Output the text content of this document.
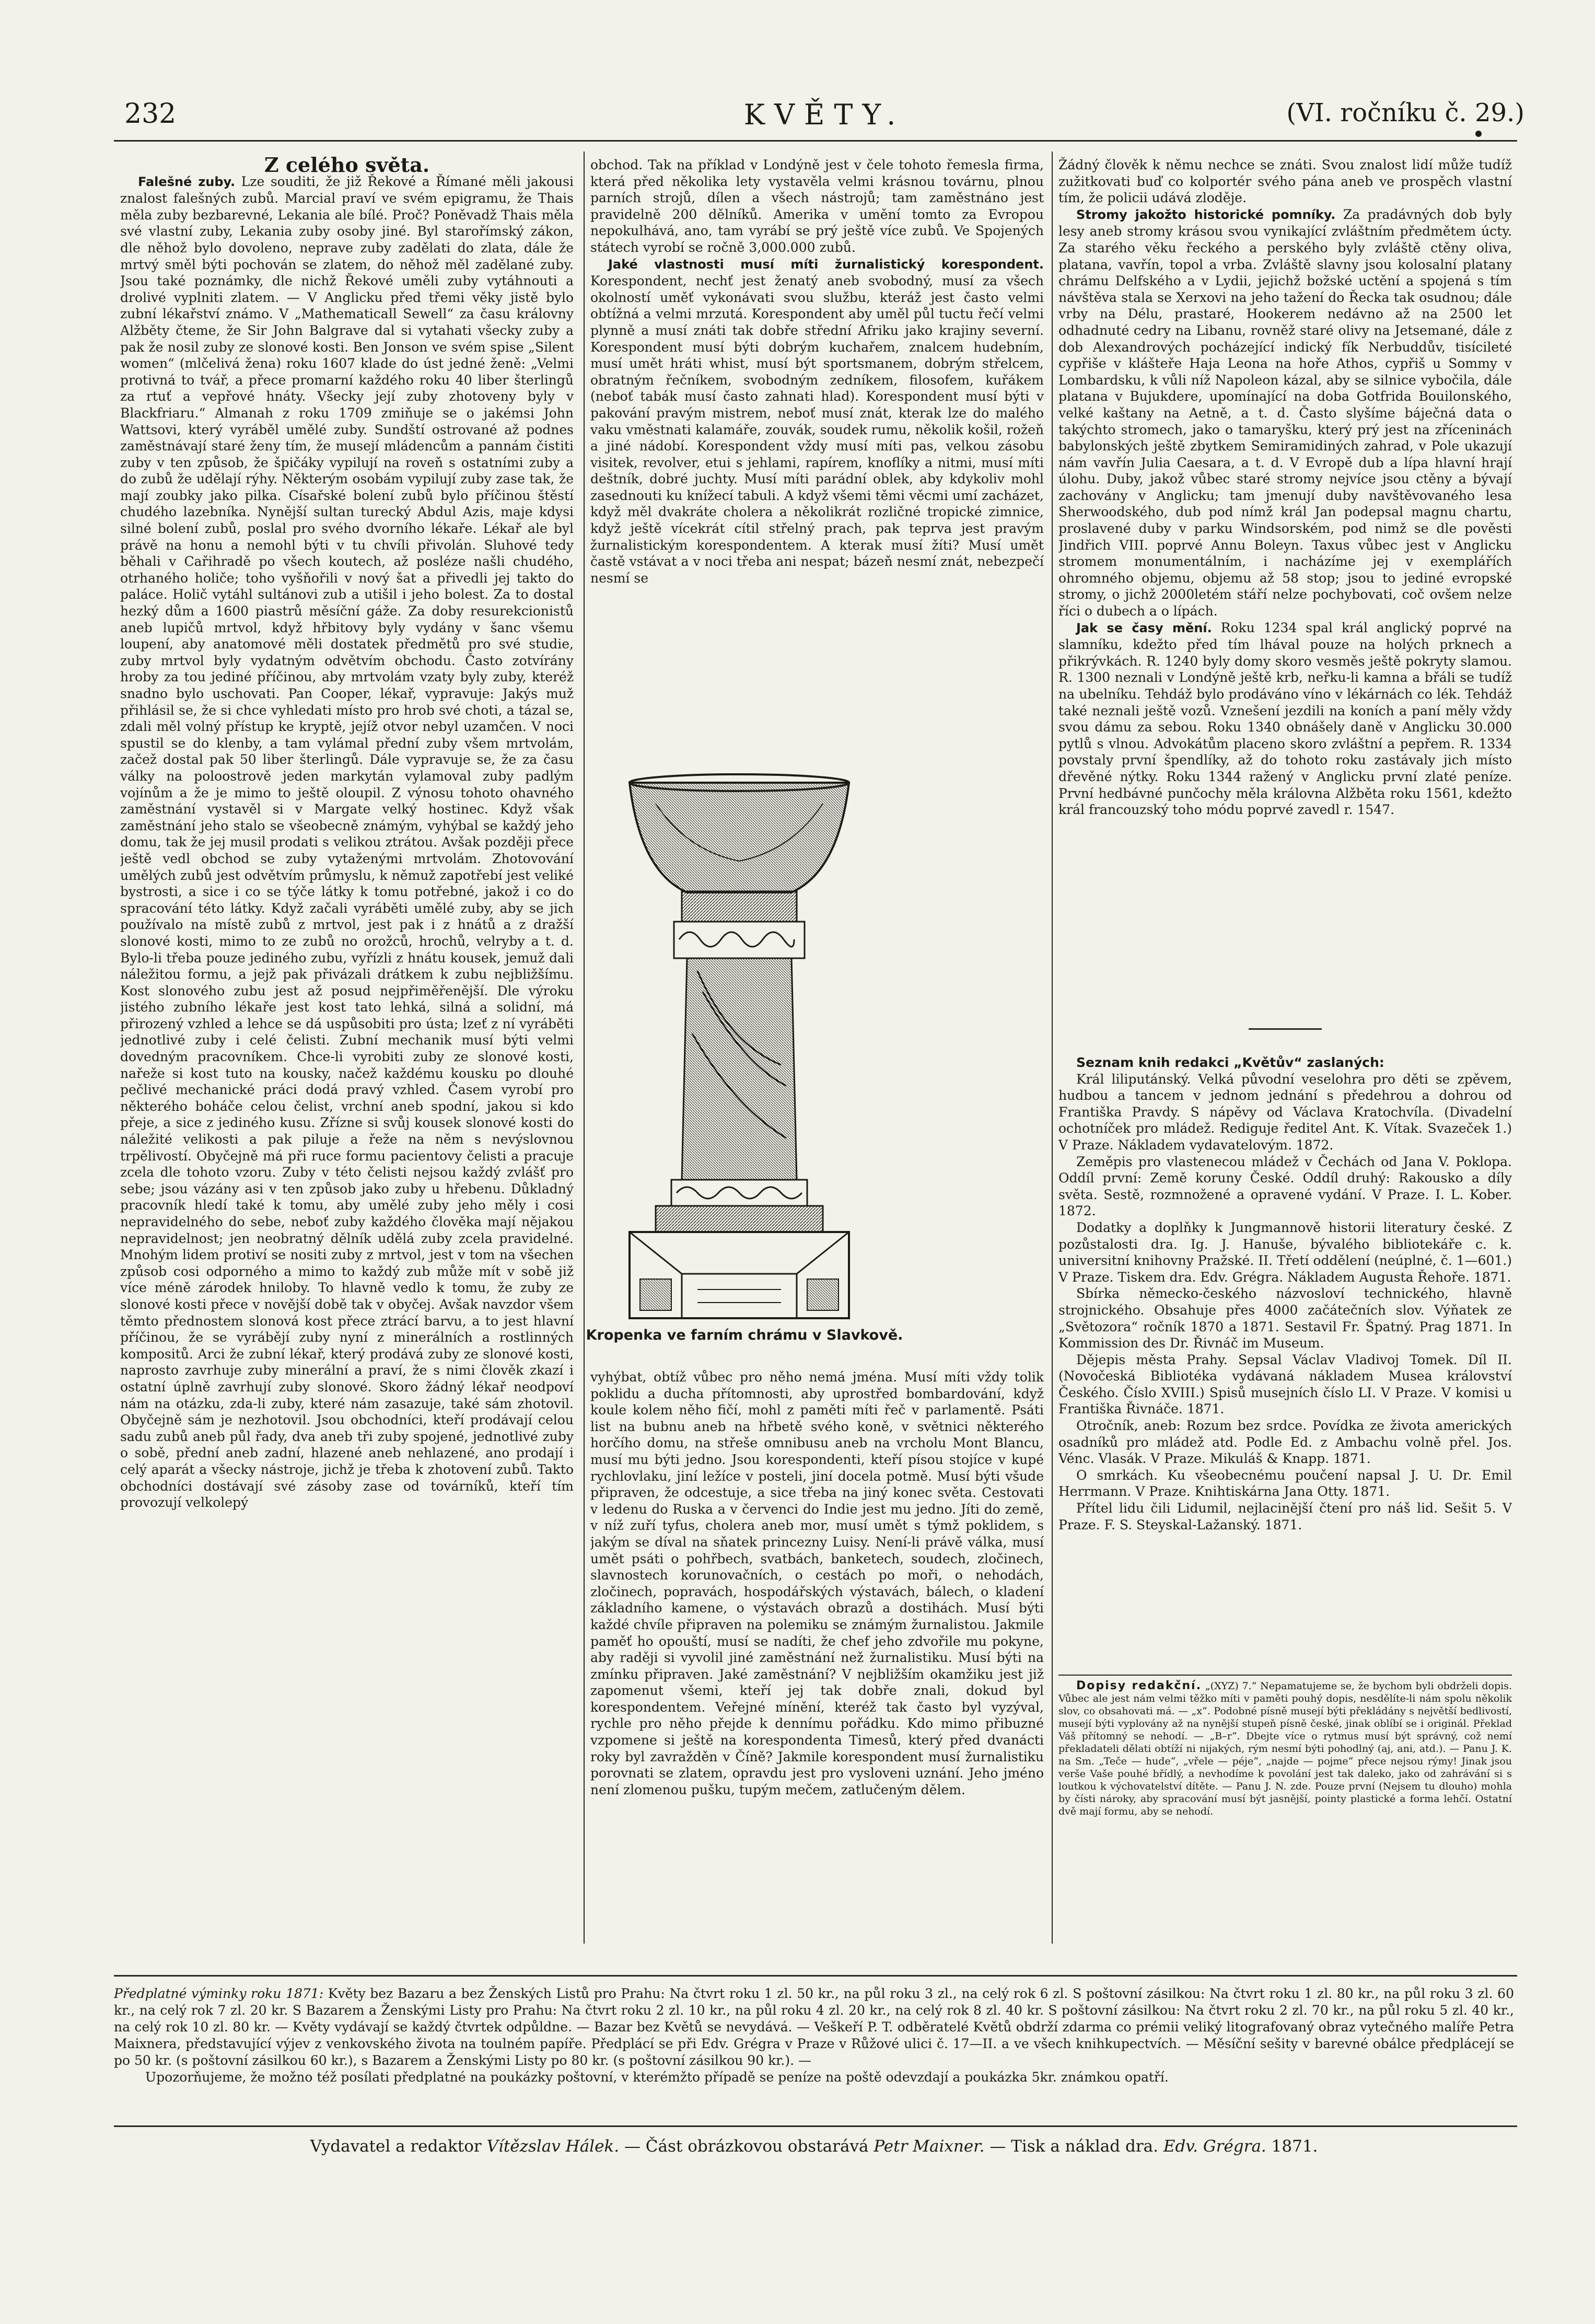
232	KVĚTY.	(VI. ročníku č. 29.)

Z celého světa.

Falešné zuby. Lze souditi, že již Řekové a Římané měli jakousi znalost falešných zubů. Marcial praví ve svém epigramu, že Thais měla zuby bezbarevné, Lekania ale bílé. Proč? Poněvadž Thais měla své vlastní zuby, Lekania zuby osoby jiné. Byl starořímský zákon, dle něhož bylo dovoleno, neprave zuby zadělati do zlata, dále že mrtvý směl býti pochován se zlatem, do něhož měl zadělané zuby. Jsou také poznámky, dle nichž Řekové uměli zuby vytáhnouti a drolivé vyplniti zlatem. — V Anglicku před třemi věky jistě bylo zubní lékařství známo. V „Mathematicall Sewell“ za času královny Alžběty čteme, že Sir John Balgrave dal si vytahati všecky zuby a pak že nosil zuby ze slonové kosti. Ben Jonson ve svém spise „Silent women“ (mlčelivá žena) roku 1607 klade do úst jedné ženě: „Velmi protivná to tvář, a přece promarní každého roku 40 liber šterlingů za rtuť a vepřové hnáty. Všecky její zuby zhotoveny byly v Blackfriaru.“ Almanah z roku 1709 zmiňuje se o jakémsi John Wattsovi, který vyráběl umělé zuby. Sundští ostrované až podnes zaměstnávají staré ženy tím, že musejí mládencům a pannám čistiti zuby v ten způsob, že špičáky vypilují na roveň s ostatními zuby a do zubů že udělají rýhy. Některým osobám vypilují zuby zase tak, že mají zoubky jako pilka. Císařské bolení zubů bylo příčinou štěstí chudého lazebníka. Nynější sultan turecký Abdul Azis, maje kdysi silné bolení zubů, poslal pro svého dvorního lékaře. Lékař ale byl právě na honu a nemohl býti v tu chvíli přivolán. Sluhové tedy běhali v Cařihradě po všech koutech, až posléze našli chudého, otrhaného holiče; toho vyšňořili v nový šat a přivedli jej takto do paláce. Holič vytáhl sultánovi zub a utišil i jeho bolest. Za to dostal hezký dům a 1600 piastrů měsíční gáže. Za doby resurekcionistů aneb lupičů mrtvol, když hřbitovy byly vydány v šanc všemu loupení, aby anatomové měli dostatek předmětů pro své studie, zuby mrtvol byly vydatným odvětvím obchodu. Často zotvírány hroby za tou jediné příčinou, aby mrtvolám vzaty byly zuby, kteréž snadno bylo uschovati. Pan Cooper, lékař, vypravuje: Jakýs muž přihlásil se, že si chce vyhledati místo pro hrob své choti, a tázal se, zdali měl volný přístup ke kryptě, jejíž otvor nebyl uzamčen. V noci spustil se do klenby, a tam vylámal přední zuby všem mrtvolám, začež dostal pak 50 liber šterlingů. Dále vypravuje se, že za času války na poloostrově jeden markytán vylamoval zuby padlým vojínům a že je mimo to ještě oloupil. Z výnosu tohoto ohavného zaměstnání vystavěl si v Margate velký hostinec. Když však zaměstnání jeho stalo se všeobecně známým, vyhýbal se každý jeho domu, tak že jej musil prodati s velikou ztrátou. Avšak později přece ještě vedl obchod se zuby vytaženými mrtvolám. Zhotovování umělých zubů jest odvětvím průmyslu, k němuž zapotřebí jest veliké bystrosti, a sice i co se týče látky k tomu potřebné, jakož i co do spracování této látky. Když začali vyráběti umělé zuby, aby se jich používalo na místě zubů z mrtvol, jest pak i z hnátů a z dražší slonové kosti, mimo to ze zubů no orožců, hrochů, velryby a t. d. Bylo-li třeba pouze jediného zubu, vyřízli z hnátu kousek, jemuž dali náležitou formu, a jejž pak přivázali drátkem k zubu nejbližšímu. Kost slonového zubu jest až posud nejpřiměřenější. Dle výroku jistého zubního lékaře jest kost tato lehká, silná a solidní, má přirozený vzhled a lehce se dá uspůsobiti pro ústa; lzeť z ní vyráběti jednotlivé zuby i celé čelisti. Zubní mechanik musí býti velmi dovedným pracovníkem. Chce-li vyrobiti zuby ze slonové kosti, nařeže si kost tuto na kousky, načež každému kousku po dlouhé pečlivé mechanické práci dodá pravý vzhled. Časem vyrobí pro některého boháče celou čelist, vrchní aneb spodní, jakou si kdo přeje, a sice z jediného kusu. Zřízne si svůj kousek slonové kosti do náležité velikosti a pak piluje a řeže na něm s nevýslovnou trpělivostí. Obyčejně má při ruce formu pacientovy čelisti a pracuje zcela dle tohoto vzoru. Zuby v této čelisti nejsou každý zvlášť pro sebe; jsou vázány asi v ten způsob jako zuby u hřebenu. Důkladný pracovník hledí také k tomu, aby umělé zuby jeho měly i cosi nepravidelného do sebe, neboť zuby každého člověka mají nějakou nepravidelnost; jen neobratný dělník udělá zuby zcela pravidelné. Mnohým lidem protiví se nositi zuby z mrtvol, jest v tom na všechen způsob cosi odporného a mimo to každý zub může mít v sobě již více méně zárodek hniloby. To hlavně vedlo k tomu, že zuby ze slonové kosti přece v novější době tak v obyčej. Avšak navzdor všem těmto přednostem slonová kost přece ztrácí barvu, a to jest hlavní příčinou, že se vyrábějí zuby nyní z minerálních a rostlinných kompositů. Arci že zubní lékař, který prodává zuby ze slonové kosti, naprosto zavrhuje zuby minerální a praví, že s nimi člověk zkazí i ostatní úplně zavrhují zuby slonové. Skoro žádný lékař neodpoví nám na otázku, zda-li zuby, které nám zasazuje, také sám zhotovil. Obyčejně sám je nezhotovil. Jsou obchodníci, kteří prodávají celou sadu zubů aneb půl řady, dva aneb tři zuby spojené, jednotlivé zuby o sobě, přední aneb zadní, hlazené aneb nehlazené, ano prodají i celý aparát a všecky nástroje, jichž je třeba k zhotovení zubů. Takto obchodníci dostávají své zásoby zase od továrníků, kteří tím provozují velkolepý

obchod. Tak na příklad v Londýně jest v čele tohoto řemesla firma, která před několika lety vystavěla velmi krásnou továrnu, plnou parních strojů, dílen a všech nástrojů; tam zaměstnáno jest pravidelně 200 dělníků. Amerika v umění tomto za Evropou nepokulhává, ano, tam vyrábí se prý ještě více zubů. Ve Spojených státech vyrobí se ročně 3,000.000 zubů.

Jaké vlastnosti musí míti žurnalistický korespondent. Korespondent, nechť jest ženatý aneb svobodný, musí za všech okolností uměť vykonávati svou službu, kteráž jest často velmi obtížná a velmi mrzutá. Korespondent aby uměl půl tuctu řečí velmi plynně a musí znáti tak dobře střední Afriku jako krajiny severní. Korespondent musí býti dobrým kuchařem, znalcem hudebním, musí umět hráti whist, musí být sportsmanem, dobrým střelcem, obratným řečníkem, svobodným zedníkem, filosofem, kuřákem (neboť tabák musí často zahnati hlad). Korespondent musí býti v pakování pravým mistrem, neboť musí znát, kterak lze do malého vaku vměstnati kalamáře, zouvák, soudek rumu, několik košil, rožeň a jiné nádobí. Korespondent vždy musí míti pas, velkou zásobu visitek, revolver, etui s jehlami, rapírem, knoflíky a nitmi, musí míti deštník, dobré juchty. Musí míti parádní oblek, aby kdykoliv mohl zasednouti ku knížecí tabuli. A když všemi těmi věcmi umí zacházet, když měl dvakráte cholera a několikrát rozličné tropické zimnice, když ještě vícekrát cítil střelný prach, pak teprva jest pravým žurnalistickým korespondentem. A kterak musí žíti? Musí umět častě vstávat a v noci třeba ani nespat; bázeň nesmí znát, nebezpečí nesmí se

Kropenka ve farním chrámu v Slavkově.

vyhýbat, obtíž vůbec pro něho nemá jména. Musí míti vždy tolik poklidu a ducha přítomnosti, aby uprostřed bombardování, když koule kolem něho fičí, mohl z paměti míti řeč v parlamentě. Psáti list na bubnu aneb na hřbetě svého koně, v světnici některého horčího domu, na střeše omnibusu aneb na vrcholu Mont Blancu, musí mu býti jedno. Jsou korespondenti, kteří písou stojíce v kupé rychlovlaku, jiní ležíce v posteli, jiní docela potmě. Musí býti všude připraven, že odcestuje, a sice třeba na jiný konec světa. Cestovati v ledenu do Ruska a v červenci do Indie jest mu jedno. Jíti do země, v níž zuří tyfus, cholera aneb mor, musí umět s týmž poklidem, s jakým se díval na sňatek princezny Luisy. Není-li právě válka, musí umět psáti o pohřbech, svatbách, banketech, soudech, zločinech, slavnostech korunovačních, o cestách po moři, o nehodách, zločinech, popravách, hospodářských výstavách, bálech, o kladení základního kamene, o výstavách obrazů a dostihách. Musí býti každé chvíle připraven na polemiku se známým žurnalistou. Jakmile paměť ho opouští, musí se nadíti, že chef jeho zdvořile mu pokyne, aby raději si vyvolil jiné zaměstnání než žurnalistiku. Musí býti na zmínku připraven. Jaké zaměstnání? V nejbližším okamžiku jest již zapomenut všemi, kteří jej tak dobře znali, dokud byl korespondentem. Veřejné mínění, kteréž tak často byl vyzýval, rychle pro něho přejde k dennímu pořádku. Kdo mimo přibuzné vzpomene si ještě na korespondenta Timesů, který před dvanácti roky byl zavražděn v Číně? Jakmile korespondent musí žurnalistiku porovnati se zlatem, opravdu jest pro vysloveni uznání. Jeho jméno není zlomenou pušku, tupým mečem, zatlučeným dělem.

Žádný člověk k němu nechce se znáti. Svou znalost lidí může tudíž zužitkovati buď co kolportér svého pána aneb ve prospěch vlastní tím, že policii udává zloděje.

Stromy jakožto historické pomníky. Za pradávných dob byly lesy aneb stromy krásou svou vynikající zvláštním předmětem úcty. Za starého věku řeckého a perského byly zvláště ctěny oliva, platana, vavřín, topol a vrba. Zvláště slavny jsou kolosalní platany chrámu Delfského a v Lydii, jejichž božské uctění a spojená s tím návštěva stala se Xerxovi na jeho tažení do Řecka tak osudnou; dále vrby na Délu, prastaré, Hookerem nedávno až na 2500 let odhadnuté cedry na Libanu, rovněž staré olivy na Jetsemané, dále z dob Alexandrových pocházející indický fík Nerbuddův, tisícileté cypřiše v klášteře Haja Leona na hoře Athos, cypřiš u Sommy v Lombardsku, k vůli níž Napoleon kázal, aby se silnice vybočila, dále platana v Bujukdere, upomínající na doba Gotfrida Bouilonského, velké kaštany na Aetně, a t. d. Často slyšíme báječná data o takýchto stromech, jako o tamaryšku, který prý jest na zříceninách babylonských ještě zbytkem Semiramidiných zahrad, v Pole ukazují nám vavřín Julia Caesara, a t. d. V Evropě dub a lípa hlavní hrají úlohu. Duby, jakož vůbec staré stromy nejvíce jsou ctěny a bývají zachovány v Anglicku; tam jmenují duby navštěvovaného lesa Sherwoodského, dub pod nímž král Jan podepsal magnu chartu, proslavené duby v parku Windsorském, pod nimž se dle pověsti Jindřich VIII. poprvé Annu Boleyn. Taxus vůbec jest v Anglicku stromem monumentálním, i nacházíme jej v exemplářích ohromného objemu, objemu až 58 stop; jsou to jediné evropské stromy, o jichž 2000letém stáří nelze pochybovati, coč ovšem nelze říci o dubech a o lípách.

Jak se časy mění. Roku 1234 spal král anglický poprvé na slamníku, kdežto před tím lhával pouze na holých prknech a přikrývkách. R. 1240 byly domy skoro vesměs ještě pokryty slamou. R. 1300 neznali v Londýně ještě krb, neřku-li kamna a břáli se tudíž na ubelníku. Tehdáž bylo prodáváno víno v lékárnách co lék. Tehdáž také neznali ještě vozů. Vznešení jezdili na koních a paní měly vždy svou dámu za sebou. Roku 1340 obnášely daně v Anglicku 30.000 pytlů s vlnou. Advokátům placeno skoro zvláštní a pepřem. R. 1334 povstaly první špendlíky, až do tohoto roku zastávaly jich místo dřevěné nýtky. Roku 1344 ražený v Anglicku první zlaté peníze. První hedbávné punčochy měla královna Alžběta roku 1561, kdežto král francouzský toho módu poprvé zavedl r. 1547.

Seznam knih redakci „Květův“ zaslaných:

Král liliputánský. Velká původní veselohra pro děti se zpěvem, hudbou a tancem v jednom jednání s předehrou a dohrou od Františka Pravdy. S nápěvy od Václava Kratochvíla. (Divadelní ochotníček pro mládež. Rediguje ředitel Ant. K. Vítak. Svazeček 1.) V Praze. Nákladem vydavatelovým. 1872.

Zeměpis pro vlastenecou mládež v Čechách od Jana V. Poklopa. Oddíl první: Země koruny České. Oddíl druhý: Rakousko a díly světa. Sestě, rozmnožené a opravené vydání. V Praze. I. L. Kober. 1872.

Dodatky a doplňky k Jungmannově historii literatury české. Z pozůstalosti dra. Ig. J. Hanuše, bývalého bibliotekáře c. k. universitní knihovny Pražské. II. Třetí oddělení (neúplné, č. 1—601.) V Praze. Tiskem dra. Edv. Grégra. Nákladem Augusta Řehoře. 1871.

Sbírka německo-českého názvosloví technického, hlavně strojnického. Obsahuje přes 4000 začátečních slov. Výňatek ze „Světozora“ ročník 1870 a 1871. Sestavil Fr. Špatný. Prag 1871. In Kommission des Dr. Řivnáč im Museum.

Dějepis města Prahy. Sepsal Václav Vladivoj Tomek. Díl II. (Novočeská Bibliotéka vydávaná nákladem Musea království Českého. Číslo XVIII.) Spisů musejních číslo LI. V Praze. V komisi u Františka Řivnáče. 1871.

Otročník, aneb: Rozum bez srdce. Povídka ze života amerických osadníků pro mládež atd. Podle Ed. z Ambachu volně přel. Jos. Vénc. Vlasák. V Praze. Mikuláš & Knapp. 1871.

O smrkách. Ku všeobecnému poučení napsal J. U. Dr. Emil Herrmann. V Praze. Knihtiskárna Jana Otty. 1871.

Přítel lidu čili Lidumil, nejlacinější čtení pro náš lid. Sešit 5. V Praze. F. S. Steyskal-Lažanský. 1871.

Dopisy redakční. „(XYZ) 7.“ Nepamatujeme se, že bychom byli obdrželi dopis. Vůbec ale jest nám velmi těžko míti v paměti pouhý dopis, nesdělíte-li nám spolu několik slov, co obsahovati má. — „x“. Podobné písně musejí býti překládány s největší bedlivostí, musejí býti vyplovány až na nynější stupeň písně české, jinak oblíbí se i originál. Překlad Váš přítomný se nehodí. — „B–r“. Dbejte více o rytmus musí být správný, což nemí překladateli dělati obtíží ni nijakých, rým nesmí býti pohodlný (aj, ani, atd.). — Panu J. K. na Sm. „Teče — hude“, „vřele — péje“, „najde — pojme“ přece nejsou rýmy! Jinak jsou verše Vaše pouhé břídlý, a nevhodíme k povolání jest tak daleko, jako od zahrávání si s loutkou k výchovatelství dítěte. — Panu J. N. zde. Pouze první (Nejsem tu dlouho) mohla by čísti nároky, aby spracování musí být jasnější, pointy plastické a forma lehčí. Ostatní dvě mají formu, aby se nehodí.

Předplatné výminky roku 1871: Květy bez Bazaru a bez Ženských Listů pro Prahu: Na čtvrt roku 1 zl. 50 kr., na půl roku 3 zl., na celý rok 6 zl. S poštovní zásilkou: Na čtvrt roku 1 zl. 80 kr., na půl roku 3 zl. 60 kr., na celý rok 7 zl. 20 kr. S Bazarem a Ženskými Listy pro Prahu: Na čtvrt roku 2 zl. 10 kr., na půl roku 4 zl. 20 kr., na celý rok 8 zl. 40 kr. S poštovní zásilkou: Na čtvrt roku 2 zl. 70 kr., na půl roku 5 zl. 40 kr., na celý rok 10 zl. 80 kr. — Květy vydávají se každý čtvrtek odpůldne. — Bazar bez Květů se nevydává. — Veškeří P. T. odběratelé Květů obdrží zdarma co prémii veliký litografovaný obraz vytečného malíře Petra Maixnera, představující výjev z venkovského života na toulném papíře. Předplácí se při Edv. Grégra v Praze v Růžové ulici č. 17—II. a ve všech knihkupectvích. — Měsíční sešity v barevné obálce předplácejí se po 50 kr. (s poštovní zásilkou 60 kr.), s Bazarem a Ženskými Listy po 80 kr. (s poštovní zásilkou 90 kr.). —

Upozorňujeme, že možno též posílati předplatné na poukázky poštovní, v kterémžto případě se peníze na poště odevzdají a poukázka 5kr. známkou opatří.

Vydavatel a redaktor Vítězslav Hálek. — Část obrázkovou obstarává Petr Maixner. — Tisk a náklad dra. Edv. Grégra. 1871.
